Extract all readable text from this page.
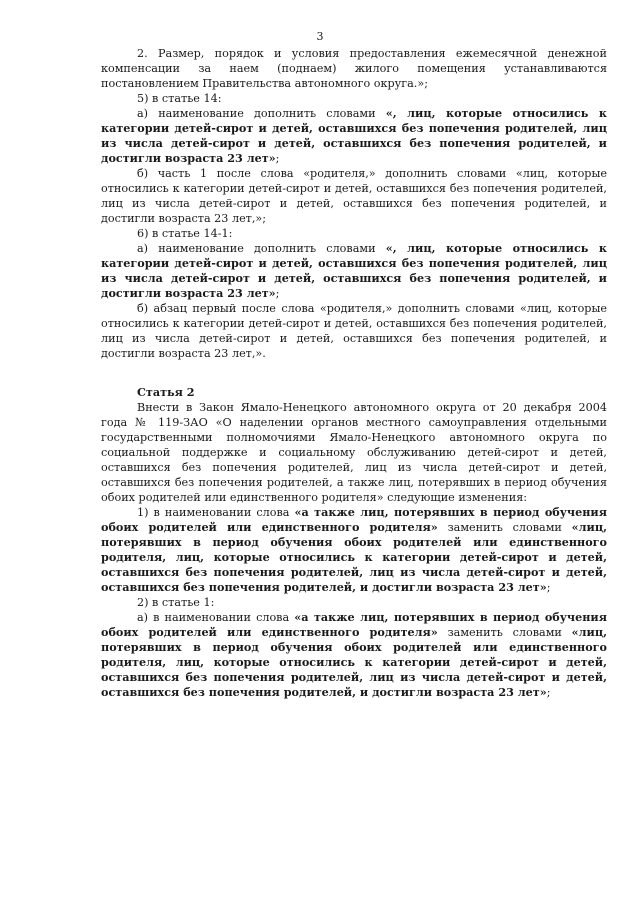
3

2. Размер, порядок и условия предоставления ежемесячной денежной компенсации за наем (поднаем) жилого помещения устанавливаются постановлением Правительства автономного округа.»;

5) в статье 14:

а) наименование дополнить словами «, лиц, которые относились к категории детей-сирот и детей, оставшихся без попечения родителей, лиц из числа детей-сирот и детей, оставшихся без попечения родителей, и достигли возраста 23 лет»;

б) часть 1 после слова «родителя,» дополнить словами «лиц, которые относились к категории детей-сирот и детей, оставшихся без попечения родителей, лиц из числа детей-сирот и детей, оставшихся без попечения родителей, и достигли возраста 23 лет,»;

6) в статье 14-1:

а) наименование дополнить словами «, лиц, которые относились к категории детей-сирот и детей, оставшихся без попечения родителей, лиц из числа детей-сирот и детей, оставшихся без попечения родителей, и достигли возраста 23 лет»;

б) абзац первый после слова «родителя,» дополнить словами «лиц, которые относились к категории детей-сирот и детей, оставшихся без попечения родителей, лиц из числа детей-сирот и детей, оставшихся без попечения родителей, и достигли возраста 23 лет,».

Статья 2

Внести в Закон Ямало-Ненецкого автономного округа от 20 декабря 2004 года № 119-ЗАО «О наделении органов местного самоуправления отдельными государственными полномочиями Ямало-Ненецкого автономного округа по социальной поддержке и социальному обслуживанию детей-сирот и детей, оставшихся без попечения родителей, лиц из числа детей-сирот и детей, оставшихся без попечения родителей, а также лиц, потерявших в период обучения обоих родителей или единственного родителя» следующие изменения:

1) в наименовании слова «а также лиц, потерявших в период обучения обоих родителей или единственного родителя» заменить словами «лиц, потерявших в период обучения обоих родителей или единственного родителя, лиц, которые относились к категории детей-сирот и детей, оставшихся без попечения родителей, лиц из числа детей-сирот и детей, оставшихся без попечения родителей, и достигли возраста 23 лет»;

2) в статье 1:

а) в наименовании слова «а также лиц, потерявших в период обучения обоих родителей или единственного родителя» заменить словами «лиц, потерявших в период обучения обоих родителей или единственного родителя, лиц, которые относились к категории детей-сирот и детей, оставшихся без попечения родителей, лиц из числа детей-сирот и детей, оставшихся без попечения родителей, и достигли возраста 23 лет»;
